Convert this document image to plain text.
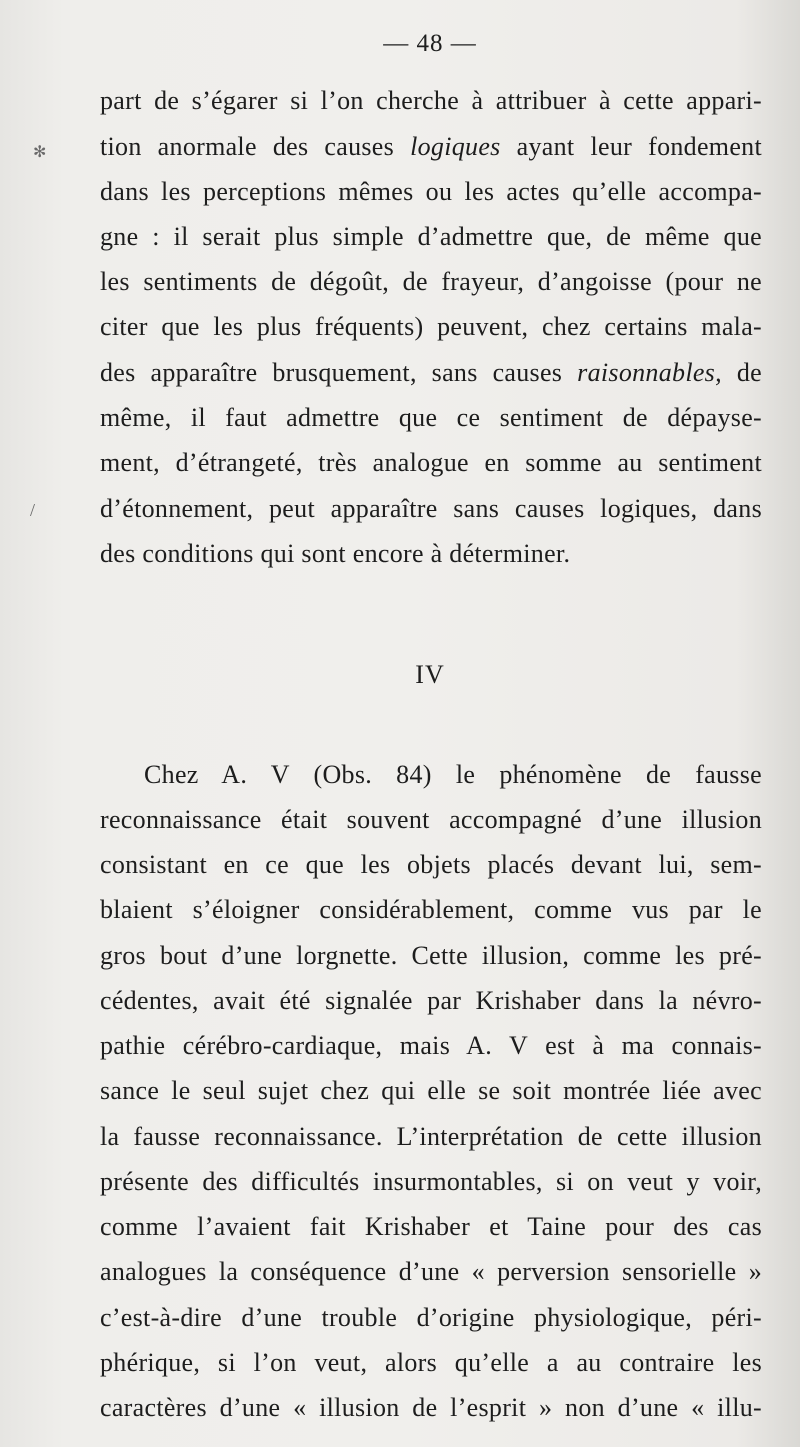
— 48 —
✻
/
part de s’égarer si l’on cherche à attribuer à cette appari-
tion anormale des causes logiques ayant leur fondement
dans les perceptions mêmes ou les actes qu’elle accompa-
gne : il serait plus simple d’admettre que, de même que
les sentiments de dégoût, de frayeur, d’angoisse (pour ne
citer que les plus fréquents) peuvent, chez certains mala-
des apparaître brusquement, sans causes raisonnables, de
même, il faut admettre que ce sentiment de dépayse-
ment, d’étrangeté, très analogue en somme au sentiment
d’étonnement, peut apparaître sans causes logiques, dans
des conditions qui sont encore à déterminer.
IV
Chez A. V (Obs. 84) le phénomène de fausse
reconnaissance était souvent accompagné d’une illusion
consistant en ce que les objets placés devant lui, sem-
blaient s’éloigner considérablement, comme vus par le
gros bout d’une lorgnette. Cette illusion, comme les pré-
cédentes, avait été signalée par Krishaber dans la névro-
pathie cérébro-cardiaque, mais A. V est à ma connais-
sance le seul sujet chez qui elle se soit montrée liée avec
la fausse reconnaissance. L’interprétation de cette illusion
présente des difficultés insurmontables, si on veut y voir,
comme l’avaient fait Krishaber et Taine pour des cas
analogues la conséquence d’une « perversion sensorielle »
c’est-à-dire d’une trouble d’origine physiologique, péri-
phérique, si l’on veut, alors qu’elle a au contraire les
caractères d’une « illusion de l’esprit » non d’une « illu-
